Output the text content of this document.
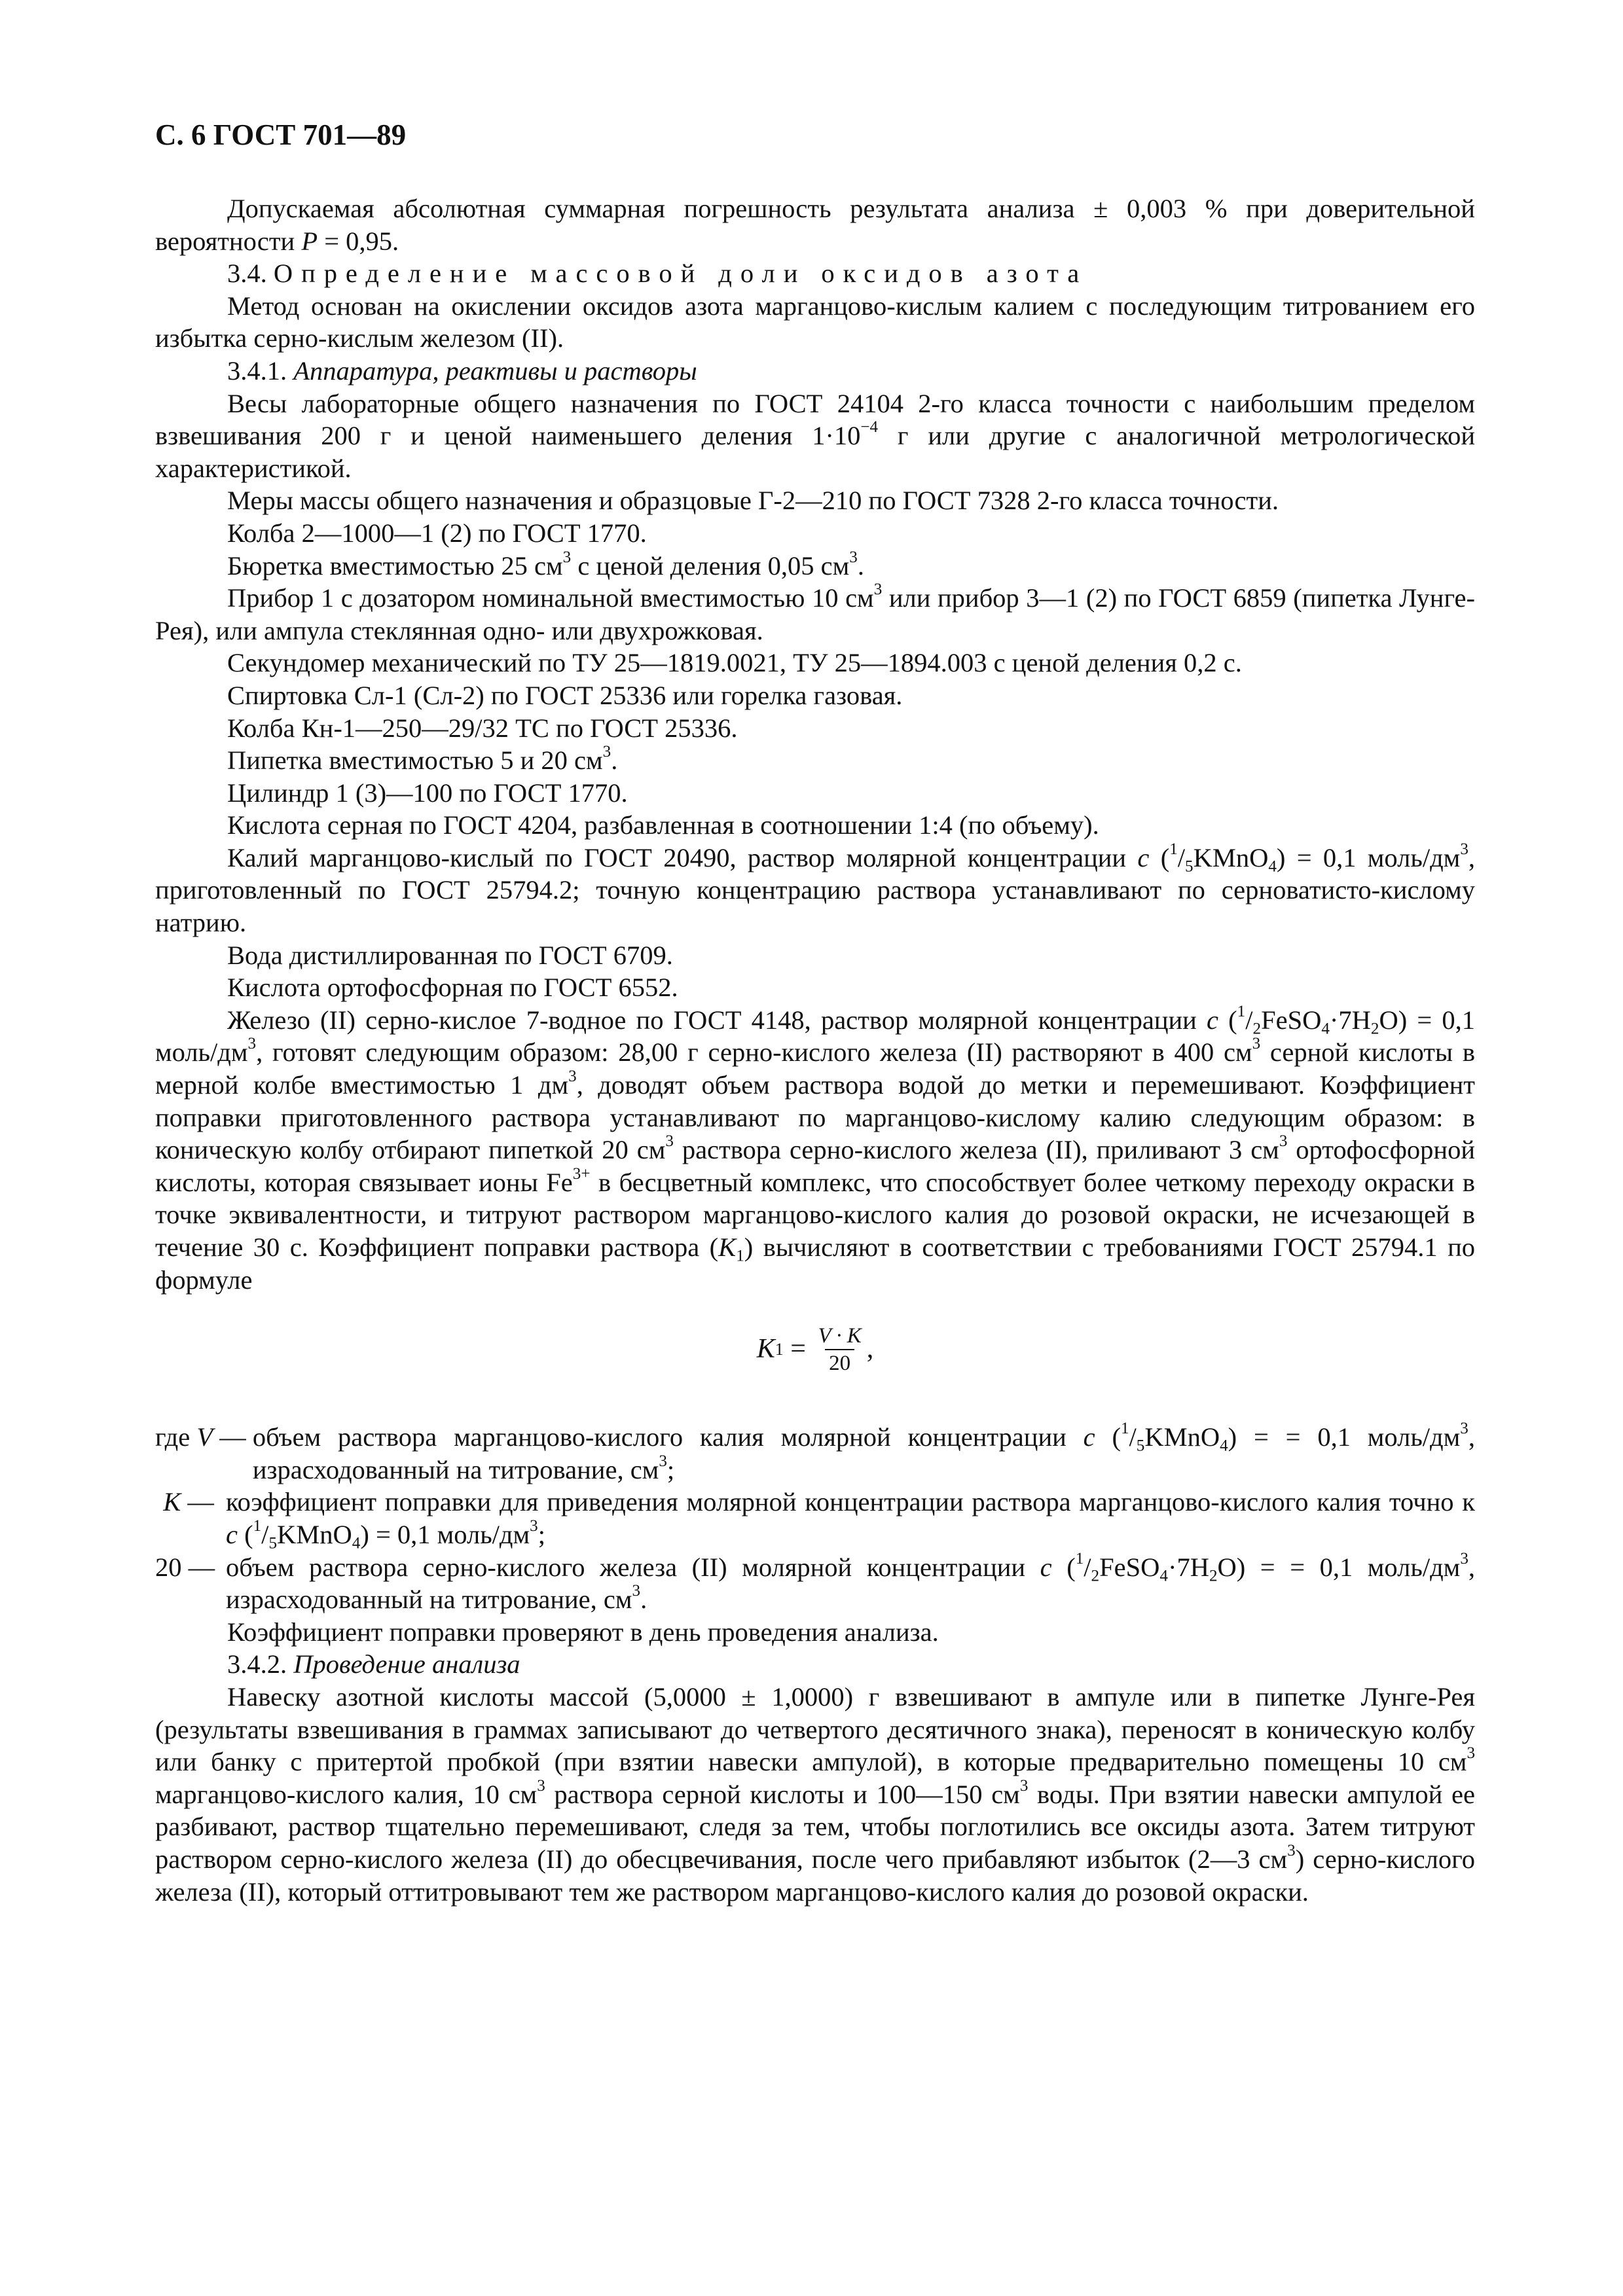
С. 6 ГОСТ 701—89

Допускаемая абсолютная суммарная погрешность результата анализа ± 0,003 % при доверительной вероятности P = 0,95.

3.4. Определение массовой доли оксидов азота

Метод основан на окислении оксидов азота марганцово-кислым калием с последующим титрованием его избытка серно-кислым железом (II).

3.4.1. Аппаратура, реактивы и растворы

Весы лабораторные общего назначения по ГОСТ 24104 2-го класса точности с наибольшим пределом взвешивания 200 г и ценой наименьшего деления $1\cdot 10^{-4}$ г или другие с аналогичной метрологической характеристикой.

Меры массы общего назначения и образцовые Г-2—210 по ГОСТ 7328 2-го класса точности.

Колба 2—1000—1 (2) по ГОСТ 1770.

Бюретка вместимостью 25 $см^3$ с ценой деления 0,05 $см^3$.

Прибор 1 с дозатором номинальной вместимостью 10 $см^3$ или прибор 3—1 (2) по ГОСТ 6859 (пипетка Лунге-Рея), или ампула стеклянная одно- или двухрожковая.

Секундомер механический по ТУ 25—1819.0021, ТУ 25—1894.003 с ценой деления 0,2 с.

Спиртовка Сл-1 (Сл-2) по ГОСТ 25336 или горелка газовая.

Колба Кн-1—250—29/32 ТС по ГОСТ 25336.

Пипетка вместимостью 5 и 20 $см^3$.

Цилиндр 1 (3)—100 по ГОСТ 1770.

Кислота серная по ГОСТ 4204, разбавленная в соотношении 1:4 (по объему).

Калий марганцово-кислый по ГОСТ 20490, раствор молярной концентрации c $(^1/_5KMnO_4) = 0,1$ моль/$дм^3$, приготовленный по ГОСТ 25794.2; точную концентрацию раствора устанавливают по серноватисто-кислому натрию.

Вода дистиллированная по ГОСТ 6709.

Кислота ортофосфорная по ГОСТ 6552.

Железо (II) серно-кислое 7-водное по ГОСТ 4148, раствор молярной концентрации c $(^1/_2FeSO_4\cdot 7H_2O) = 0,1$ моль/$дм^3$, готовят следующим образом: 28,00 г серно-кислого железа (II) растворяют в 400 $см^3$ серной кислоты в мерной колбе вместимостью 1 $дм^3$, доводят объем раствора водой до метки и перемешивают. Коэффициент поправки приготовленного раствора устанавливают по марганцово-кислому калию следующим образом: в коническую колбу отбирают пипеткой 20 $см^3$ раствора серно-кислого железа (II), приливают 3 $см^3$ ортофосфорной кислоты, которая связывает ионы $Fe^{3+}$ в бесцветный комплекс, что способствует более четкому переходу окраски в точке эквивалентности, и титруют раствором марганцово-кислого калия до розовой окраски, не исчезающей в течение 30 с. Коэффициент поправки раствора $(K_1)$ вычисляют в соответствии с требованиями ГОСТ 25794.1 по формуле

K $1 = \frac{V \cdot K}{20}$ ,
где V — объем раствора марганцово-кислого калия молярной концентрации c $(^1/_5KMnO_4)$ = = 0,1 моль/$дм^3$, израсходованный на титрование, $см^3$;
K — коэффициент поправки для приведения молярной концентрации раствора марганцово-кислого калия точно к c $(^1/_5KMnO_4) = 0,1$ моль/$дм^3$;
20 — объем раствора серно-кислого железа (II) молярной концентрации c $(^1/_2FeSO_4\cdot 7H_2O)$ = = 0,1 моль/$дм^3$, израсходованный на титрование, $см^3$.

Коэффициент поправки проверяют в день проведения анализа.

3.4.2. Проведение анализа

Навеску азотной кислоты массой (5,0000 ± 1,0000) г взвешивают в ампуле или в пипетке Лунге-Рея (результаты взвешивания в граммах записывают до четвертого десятичного знака), переносят в коническую колбу или банку с притертой пробкой (при взятии навески ампулой), в которые предварительно помещены 10 $см^3$ марганцово-кислого калия, 10 $см^3$ раствора серной кислоты и 100—150 $см^3$ воды. При взятии навески ампулой ее разбивают, раствор тщательно перемешивают, следя за тем, чтобы поглотились все оксиды азота. Затем титруют раствором серно-кислого железа (II) до обесцвечивания, после чего прибавляют избыток (2—3 $см^3$) серно-кислого железа (II), который оттитровывают тем же раствором марганцово-кислого калия до розовой окраски.
